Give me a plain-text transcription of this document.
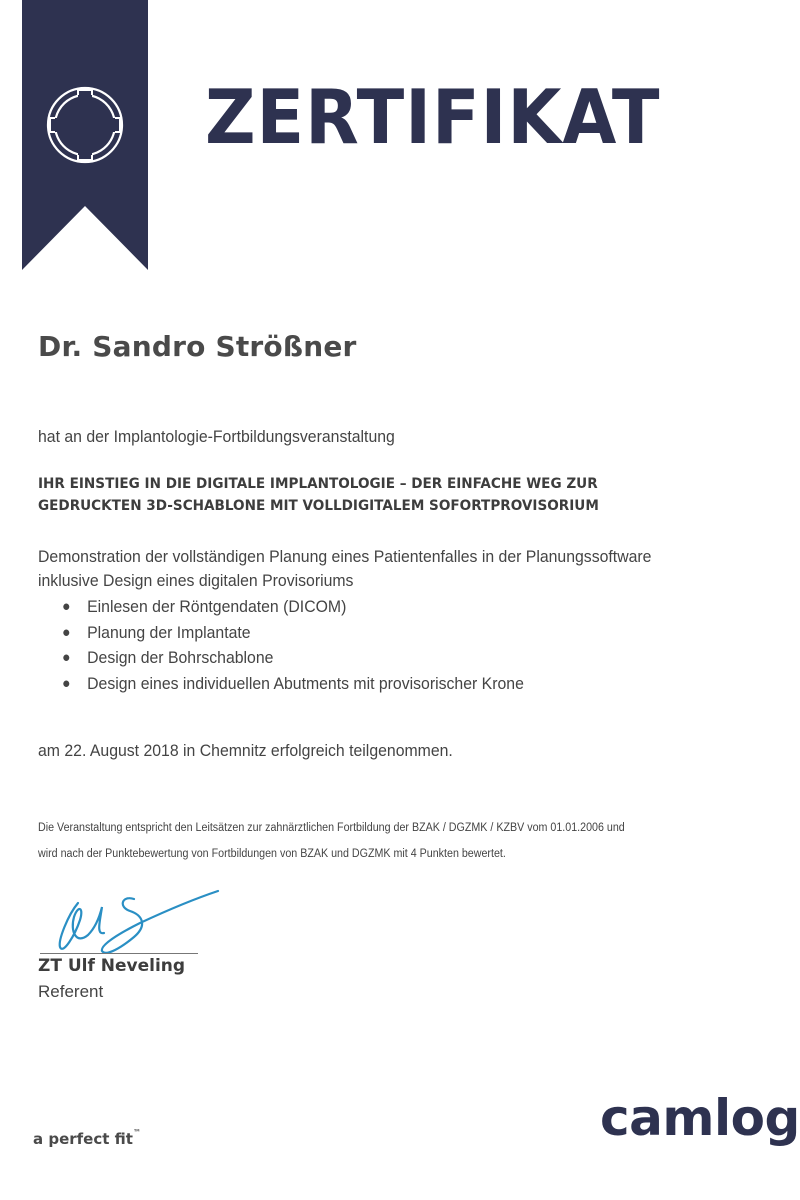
ZERTIFIKAT
Dr. Sandro Strößner
hat an der Implantologie-Fortbildungsveranstaltung
IHR EINSTIEG IN DIE DIGITALE IMPLANTOLOGIE – DER EINFACHE WEG ZUR
GEDRUCKTEN 3D-SCHABLONE MIT VOLLDIGITALEM SOFORTPROVISORIUM
Demonstration der vollständigen Planung eines Patientenfalles in der Planungssoftware
inklusive Design eines digitalen Provisoriums
● Einlesen der Röntgendaten (DICOM)
● Planung der Implantate
● Design der Bohrschablone
● Design eines individuellen Abutments mit provisorischer Krone
am 22. August 2018 in Chemnitz erfolgreich teilgenommen.
Die Veranstaltung entspricht den Leitsätzen zur zahnärztlichen Fortbildung der BZÄK / DGZMK / KZBV vom 01.01.2006 und
wird nach der Punktebewertung von Fortbildungen von BZÄK und DGZMK mit 4 Punkten bewertet.
ZT Ulf Neveling
Referent
a perfect fit™	camlog
